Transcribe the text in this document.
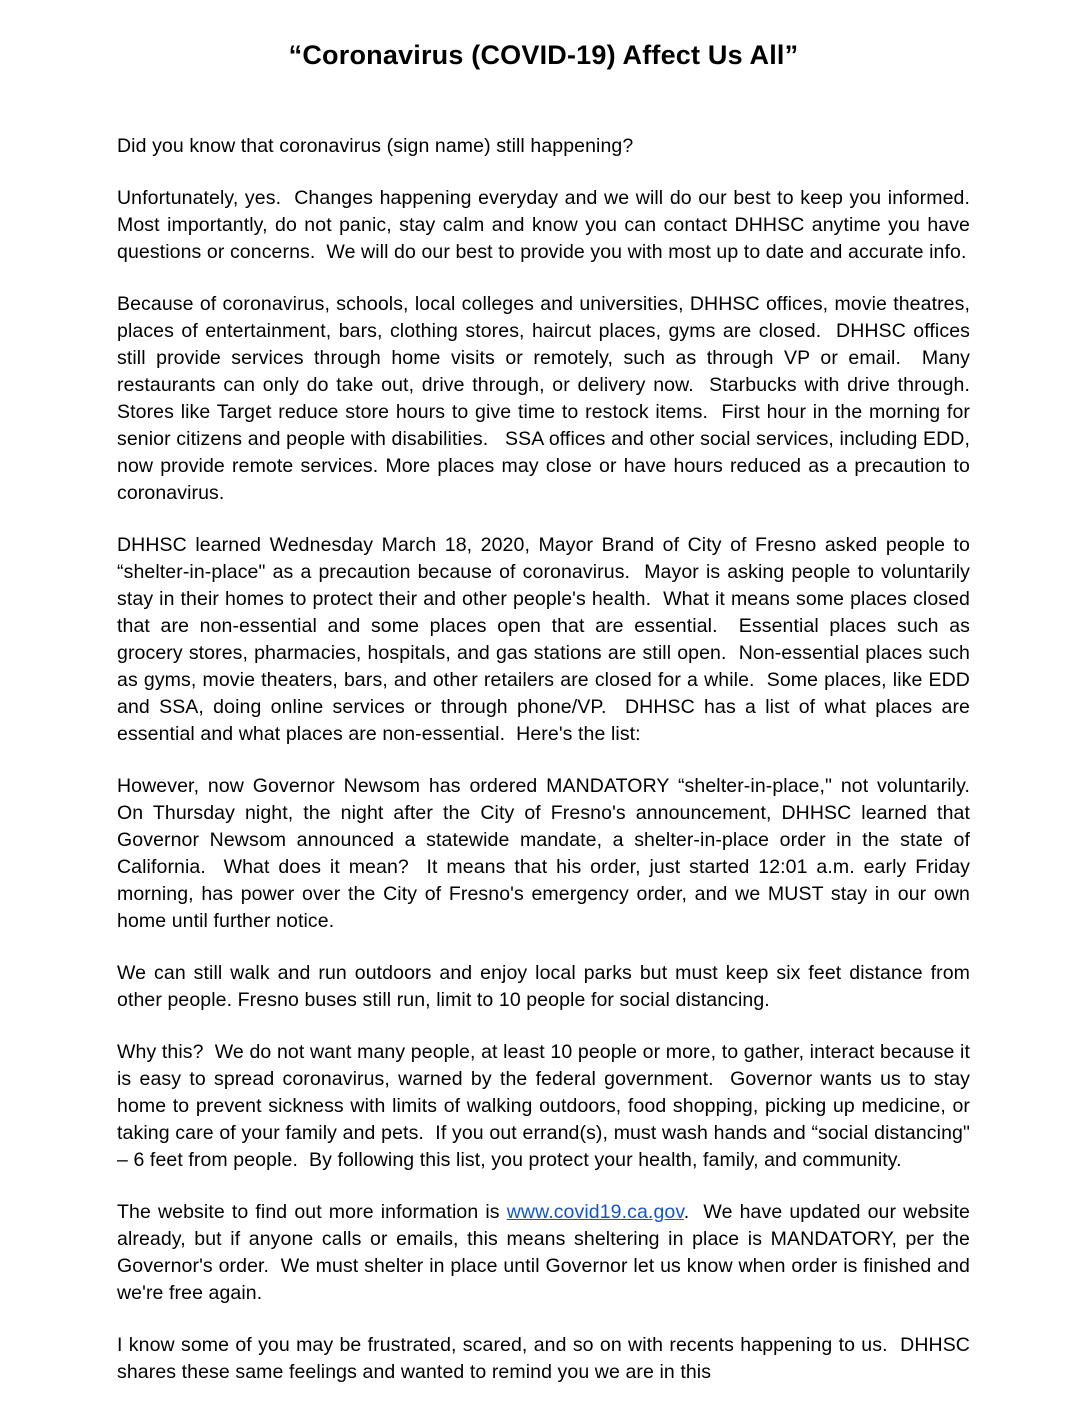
“Coronavirus (COVID-19) Affect Us All”

Did you know that coronavirus (sign name) still happening?

Unfortunately, yes.  Changes happening everyday and we will do our best to keep you informed.  Most importantly, do not panic, stay calm and know you can contact DHHSC anytime you have questions or concerns.  We will do our best to provide you with most up to date and accurate info.

Because of coronavirus, schools, local colleges and universities, DHHSC offices, movie theatres, places of entertainment, bars, clothing stores, haircut places, gyms are closed.  DHHSC offices still provide services through home visits or remotely, such as through VP or email.  Many restaurants can only do take out, drive through, or delivery now.  Starbucks with drive through.  Stores like Target reduce store hours to give time to restock items.  First hour in the morning for senior citizens and people with disabilities.   SSA offices and other social services, including EDD, now provide remote services. More places may close or have hours reduced as a precaution to coronavirus.

DHHSC learned Wednesday March 18, 2020, Mayor Brand of City of Fresno asked people to “shelter-in-place" as a precaution because of coronavirus.  Mayor is asking people to voluntarily stay in their homes to protect their and other people's health.  What it means some places closed that are non-essential and some places open that are essential.  Essential places such as grocery stores, pharmacies, hospitals, and gas stations are still open.  Non-essential places such as gyms, movie theaters, bars, and other retailers are closed for a while.  Some places, like EDD and SSA, doing online services or through phone/VP.  DHHSC has a list of what places are essential and what places are non-essential.  Here's the list:

However, now Governor Newsom has ordered MANDATORY “shelter-in-place," not voluntarily. On Thursday night, the night after the City of Fresno's announcement, DHHSC learned that Governor Newsom announced a statewide mandate, a shelter-in-place order in the state of California.  What does it mean?  It means that his order, just started 12:01 a.m. early Friday morning, has power over the City of Fresno's emergency order, and we MUST stay in our own home until further notice.

We can still walk and run outdoors and enjoy local parks but must keep six feet distance from other people. Fresno buses still run, limit to 10 people for social distancing.

Why this?  We do not want many people, at least 10 people or more, to gather, interact because it is easy to spread coronavirus, warned by the federal government.  Governor wants us to stay home to prevent sickness with limits of walking outdoors, food shopping, picking up medicine, or taking care of your family and pets.  If you out errand(s), must wash hands and “social distancing" – 6 feet from people.  By following this list, you protect your health, family, and community.

The website to find out more information is www.covid19.ca.gov.  We have updated our website already, but if anyone calls or emails, this means sheltering in place is MANDATORY, per the Governor's order.  We must shelter in place until Governor let us know when order is finished and we're free again.

I know some of you may be frustrated, scared, and so on with recents happening to us.  DHHSC shares these same feelings and wanted to remind you we are in this
